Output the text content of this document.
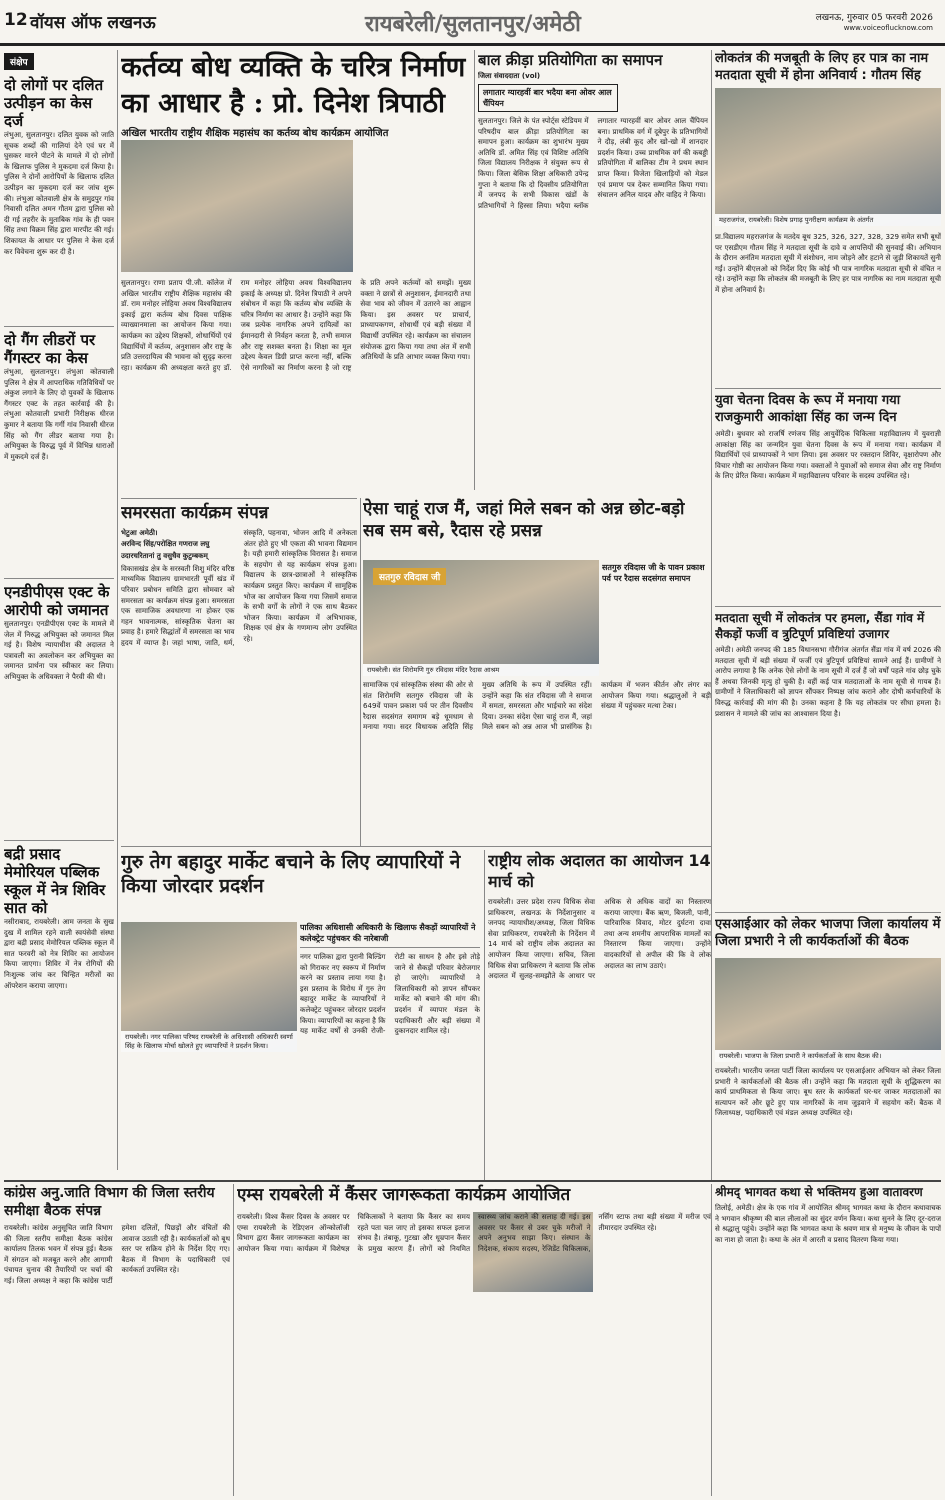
12 वॉयस ऑफ लखनऊ	रायबरेली/सुलतानपुर/अमेठी	लखनऊ, गुरुवार 05 फरवरी 2026
www.voiceoflucknow.com
संक्षेप
दो लोगों पर दलित उत्पीड़न का केस दर्ज
लंभुआ, सुलतानपुर। दलित युवक को जाति सूचक शब्दों की गालियां देने एवं घर में घुसकर मारने पीटने के मामले में दो लोगों के खिलाफ पुलिस ने मुकदमा दर्ज किया है। पुलिस ने दोनों आरोपियों के खिलाफ दलित उत्पीड़न का मुकदमा दर्ज कर जांच शुरू की। लंभुआ कोतवाली क्षेत्र के समुद्रपुर गांव निवासी दलित अमन गौतम द्वारा पुलिस को दी गई तहरीर के मुताबिक गांव के ही पवन सिंह तथा विक्रम सिंह द्वारा मारपीट की गई। शिकायत के आधार पर पुलिस ने केस दर्ज कर विवेचना शुरू कर दी है।
दो गैंग लीडरों पर गैंगस्टर का केस
लंभुआ, सुलतानपुर। लंभुआ कोतवाली पुलिस ने क्षेत्र में आपराधिक गतिविधियों पर अंकुश लगाने के लिए दो युवकों के खिलाफ गैंगस्टर एक्ट के तहत कार्रवाई की है। लंभुआ कोतवाली प्रभारी निरीक्षक धीरज कुमार ने बताया कि गर्गी गांव निवासी धीरज सिंह को गैंग लीडर बताया गया है। अभियुक्त के विरुद्ध पूर्व में विभिन्न धाराओं में मुकदमे दर्ज हैं।
एनडीपीएस एक्ट के आरोपी को जमानत
सुलतानपुर। एनडीपीएस एक्ट के मामले में जेल में निरुद्ध अभियुक्त को जमानत मिल गई है। विशेष न्यायाधीश की अदालत ने पत्रावली का अवलोकन कर अभियुक्त का जमानत प्रार्थना पत्र स्वीकार कर लिया। अभियुक्त के अधिवक्ता ने पैरवी की थी।
बद्री प्रसाद मेमोरियल पब्लिक स्कूल में नेत्र शिविर सात को
नसीराबाद, रायबरेली। आम जनता के सुख दुख में शामिल रहने वाली स्वयंसेवी संस्था द्वारा बद्री प्रसाद मेमोरियल पब्लिक स्कूल में सात फरवरी को नेत्र शिविर का आयोजन किया जाएगा। शिविर में नेत्र रोगियों की निःशुल्क जांच कर चिन्हित मरीजों का ऑपरेशन कराया जाएगा।
कर्तव्य बोध व्यक्ति के चरित्र निर्माण
का आधार है : प्रो. दिनेश त्रिपाठी
अखिल भारतीय राष्ट्रीय शैक्षिक महासंघ का कर्तव्य बोध कार्यक्रम आयोजित
सुलतानपुर। राणा प्रताप पी.जी. कॉलेज में अखिल भारतीय राष्ट्रीय शैक्षिक महासंघ की डॉ. राम मनोहर लोहिया अवध विश्वविद्यालय इकाई द्वारा कर्तव्य बोध दिवस पाक्षिक व्याख्यानमाला का आयोजन किया गया। कार्यक्रम का उद्देश्य शिक्षकों, शोधार्थियों एवं विद्यार्थियों में कर्तव्य, अनुशासन और राष्ट्र के प्रति उत्तरदायित्व की भावना को सुदृढ़ करना रहा। कार्यक्रम की अध्यक्षता करते हुए डॉ. राम मनोहर लोहिया अवध विश्वविद्यालय इकाई के अध्यक्ष प्रो. दिनेश त्रिपाठी ने अपने संबोधन में कहा कि कर्तव्य बोध व्यक्ति के चरित्र निर्माण का आधार है। उन्होंने कहा कि जब प्रत्येक नागरिक अपने दायित्वों का ईमानदारी से निर्वहन करता है, तभी समाज और राष्ट्र सशक्त बनता है। शिक्षा का मूल उद्देश्य केवल डिग्री प्राप्त करना नहीं, बल्कि ऐसे नागरिकों का निर्माण करना है जो राष्ट्र के प्रति अपने कर्तव्यों को समझें। मुख्य वक्ता ने छात्रों से अनुशासन, ईमानदारी तथा सेवा भाव को जीवन में उतारने का आह्वान किया। इस अवसर पर प्राचार्य, प्राध्यापकगण, शोधार्थी एवं बड़ी संख्या में विद्यार्थी उपस्थित रहे। कार्यक्रम का संचालन संयोजक द्वारा किया गया तथा अंत में सभी अतिथियों के प्रति आभार व्यक्त किया गया।
बाल क्रीड़ा प्रतियोगिता का समापन
जिला संवाददाता (vol)
लगातार ग्यारहवीं बार भदैया बना ओवर आल चैंपियन
सुलतानपुर। जिले के पंत स्पोर्ट्स स्टेडियम में परिषदीय बाल क्रीड़ा प्रतियोगिता का समापन हुआ। कार्यक्रम का शुभारंभ मुख्य अतिथि डॉ. अमित सिंह एवं विशिष्ट अतिथि जिला विद्यालय निरीक्षक ने संयुक्त रूप से किया। जिला बेसिक शिक्षा अधिकारी उपेन्द्र गुप्ता ने बताया कि दो दिवसीय प्रतियोगिता में जनपद के सभी विकास खंडों के प्रतिभागियों ने हिस्सा लिया। भदैया ब्लॉक लगातार ग्यारहवीं बार ओवर आल चैंपियन बना। प्राथमिक वर्ग में दूबेपुर के प्रतिभागियों ने दौड़, लंबी कूद और खो-खो में शानदार प्रदर्शन किया। उच्च प्राथमिक वर्ग की कबड्डी प्रतियोगिता में बालिका टीम ने प्रथम स्थान प्राप्त किया। विजेता खिलाड़ियों को मेडल एवं प्रमाण पत्र देकर सम्मानित किया गया। संचालन अनिल यादव और वाहिद ने किया।
लोकतंत्र की मजबूती के लिए हर पात्र का नाम मतदाता सूची में होना अनिवार्य : गौतम सिंह
महराजगंज, रायबरेली। विशेष प्रगाढ़ पुनरीक्षण कार्यक्रम के अंतर्गत
प्रा.विद्यालय महराजगंज के मतदेय बूथ 325, 326, 327, 328, 329 समेत सभी बूथों पर एसडीएम गौतम सिंह ने मतदाता सूची के दावे व आपत्तियों की सुनवाई की। अभियान के दौरान अनंतिम मतदाता सूची में संशोधन, नाम जोड़ने और हटाने से जुड़ी शिकायतें सुनी गईं। उन्होंने बीएलओ को निर्देश दिए कि कोई भी पात्र नागरिक मतदाता सूची से वंचित न रहे। उन्होंने कहा कि लोकतंत्र की मजबूती के लिए हर पात्र नागरिक का नाम मतदाता सूची में होना अनिवार्य है।
युवा चेतना दिवस के रूप में मनाया गया राजकुमारी आकांक्षा सिंह का जन्म दिन
अमेठी। बुधवार को राजर्षि रणंजय सिंह आयुर्वेदिक चिकित्सा महाविद्यालय में युवराज्ञी आकांक्षा सिंह का जन्मदिन युवा चेतना दिवस के रूप में मनाया गया। कार्यक्रम में विद्यार्थियों एवं प्राध्यापकों ने भाग लिया। इस अवसर पर रक्तदान शिविर, वृक्षारोपण और विचार गोष्ठी का आयोजन किया गया। वक्ताओं ने युवाओं को समाज सेवा और राष्ट्र निर्माण के लिए प्रेरित किया। कार्यक्रम में महाविद्यालय परिवार के सदस्य उपस्थित रहे।
मतदाता सूची में लोकतंत्र पर हमला, सैंडा गांव में सैकड़ों फर्जी व त्रुटिपूर्ण प्रविष्टियां उजागर
अमेठी। अमेठी जनपद की 185 विधानसभा गौरीगंज अंतर्गत सैंडा गांव में वर्ष 2026 की मतदाता सूची में बड़ी संख्या में फर्जी एवं त्रुटिपूर्ण प्रविष्टियां सामने आई हैं। ग्रामीणों ने आरोप लगाया है कि अनेक ऐसे लोगों के नाम सूची में दर्ज हैं जो वर्षों पहले गांव छोड़ चुके हैं अथवा जिनकी मृत्यु हो चुकी है। वहीं कई पात्र मतदाताओं के नाम सूची से गायब हैं। ग्रामीणों ने जिलाधिकारी को ज्ञापन सौंपकर निष्पक्ष जांच कराने और दोषी कर्मचारियों के विरुद्ध कार्रवाई की मांग की है। उनका कहना है कि यह लोकतंत्र पर सीधा हमला है। प्रशासन ने मामले की जांच का आश्वासन दिया है।
समरसता कार्यक्रम संपन्न
भेटुआ अमेठी।
अरविन्द सिंह/परोक्षित गणराज लघु
उदारचरितानां तु वसुधैव कुटुम्बकम्
विकासखंड क्षेत्र के सरस्वती शिशु मंदिर वरिष्ठ माध्यमिक विद्यालय ग्रामभारती पूर्वी खंड में परिवार प्रबोधन समिति द्वारा सोमवार को समरसता का कार्यक्रम संपन्न हुआ। समरसता एक सामाजिक अवधारणा ना होकर एक गहन भावनात्मक, सांस्कृतिक चेतना का प्रवाह है। हमारे सिद्धांतों में समरसता का भाव हृदय में व्याप्त है। जहां भाषा, जाति, धर्म, संस्कृति, पहनावा, भोजन आदि में अनेकता अंतर होते हुए भी एकता की भावना विद्यमान है। यही हमारी सांस्कृतिक विरासत है। समाज के सहयोग से यह कार्यक्रम संपन्न हुआ। विद्यालय के छात्र-छात्राओं ने सांस्कृतिक कार्यक्रम प्रस्तुत किए। कार्यक्रम में सामूहिक भोज का आयोजन किया गया जिसमें समाज के सभी वर्गों के लोगों ने एक साथ बैठकर भोजन किया। कार्यक्रम में अभिभावक, शिक्षक एवं क्षेत्र के गणमान्य लोग उपस्थित रहे।
ऐसा चाहूं राज मैं, जहां मिले सबन को अन्न छोट-बड़ो सब सम बसे, रैदास रहे प्रसन्न
सतगुरु रविदास जी
रायबरेली। संत शिरोमणि गुरु रविदास मंदिर रैदास आश्रम
सतगुरु रविदास जी के पावन प्रकाश पर्व पर रैदास सदसंगत समापन
सामाजिक एवं सांस्कृतिक संस्था की ओर से संत शिरोमणि सतगुरु रविदास जी के 649वें पावन प्रकाश पर्व पर तीन दिवसीय रैदास सदसंगत समागम बड़े धूमधाम से मनाया गया। सदर विधायक अदिति सिंह मुख्य अतिथि के रूप में उपस्थित रहीं। उन्होंने कहा कि संत रविदास जी ने समाज में समता, समरसता और भाईचारे का संदेश दिया। उनका संदेश ऐसा चाहूं राज मैं, जहां मिले सबन को अन्न आज भी प्रासंगिक है। कार्यक्रम में भजन कीर्तन और लंगर का आयोजन किया गया। श्रद्धालुओं ने बड़ी संख्या में पहुंचकर मत्था टेका।
गुरु तेग बहादुर मार्केट बचाने के लिए व्यापारियों ने किया जोरदार प्रदर्शन
रायबरेली। नगर पालिका परिषद रायबरेली के अधिशासी अधिकारी स्वर्णा सिंह के खिलाफ मोर्चा खोलते हुए व्यापारियों ने प्रदर्शन किया।
पालिका अधिशासी अधिकारी के खिलाफ सैकड़ों व्यापारियों ने कलेक्ट्रेट पहुंचकर की नारेबाजी
नगर पालिका द्वारा पुरानी बिल्डिंग को गिराकर नए स्वरूप में निर्माण करने का प्रस्ताव लाया गया है। इस प्रस्ताव के विरोध में गुरु तेग बहादुर मार्केट के व्यापारियों ने कलेक्ट्रेट पहुंचकर जोरदार प्रदर्शन किया। व्यापारियों का कहना है कि यह मार्केट वर्षों से उनकी रोजी-रोटी का साधन है और इसे तोड़े जाने से सैकड़ों परिवार बेरोजगार हो जाएंगे। व्यापारियों ने जिलाधिकारी को ज्ञापन सौंपकर मार्केट को बचाने की मांग की। प्रदर्शन में व्यापार मंडल के पदाधिकारी और बड़ी संख्या में दुकानदार शामिल रहे।
राष्ट्रीय लोक अदालत का आयोजन 14 मार्च को
रायबरेली। उत्तर प्रदेश राज्य विधिक सेवा प्राधिकरण, लखनऊ के निर्देशानुसार व जनपद न्यायाधीश/अध्यक्ष, जिला विधिक सेवा प्राधिकरण, रायबरेली के निर्देशन में 14 मार्च को राष्ट्रीय लोक अदालत का आयोजन किया जाएगा। सचिव, जिला विधिक सेवा प्राधिकरण ने बताया कि लोक अदालत में सुलह-समझौते के आधार पर अधिक से अधिक वादों का निस्तारण कराया जाएगा। बैंक ऋण, बिजली, पानी, पारिवारिक विवाद, मोटर दुर्घटना दावा तथा अन्य शमनीय आपराधिक मामलों का निस्तारण किया जाएगा। उन्होंने वादकारियों से अपील की कि वे लोक अदालत का लाभ उठाएं।
एसआईआर को लेकर भाजपा जिला कार्यालय में जिला प्रभारी ने ली कार्यकर्ताओं की बैठक
रायबरेली। भाजपा के जिला प्रभारी ने कार्यकर्ताओं के साथ बैठक की।
रायबरेली। भारतीय जनता पार्टी जिला कार्यालय पर एसआईआर अभियान को लेकर जिला प्रभारी ने कार्यकर्ताओं की बैठक ली। उन्होंने कहा कि मतदाता सूची के शुद्धिकरण का कार्य प्राथमिकता से किया जाए। बूथ स्तर के कार्यकर्ता घर-घर जाकर मतदाताओं का सत्यापन करें और छूटे हुए पात्र नागरिकों के नाम जुड़वाने में सहयोग करें। बैठक में जिलाध्यक्ष, पदाधिकारी एवं मंडल अध्यक्ष उपस्थित रहे।
कांग्रेस अनु.जाति विभाग की जिला स्तरीय समीक्षा बैठक संपन्न
रायबरेली। कांग्रेस अनुसूचित जाति विभाग की जिला स्तरीय समीक्षा बैठक कांग्रेस कार्यालय तिलक भवन में संपन्न हुई। बैठक में संगठन को मजबूत करने और आगामी पंचायत चुनाव की तैयारियों पर चर्चा की गई। जिला अध्यक्ष ने कहा कि कांग्रेस पार्टी हमेशा दलितों, पिछड़ों और वंचितों की आवाज उठाती रही है। कार्यकर्ताओं को बूथ स्तर पर सक्रिय होने के निर्देश दिए गए। बैठक में विभाग के पदाधिकारी एवं कार्यकर्ता उपस्थित रहे।
एम्स रायबरेली में कैंसर जागरूकता कार्यक्रम आयोजित
रायबरेली। विश्व कैंसर दिवस के अवसर पर एम्स रायबरेली के रेडिएशन ऑन्कोलॉजी विभाग द्वारा कैंसर जागरूकता कार्यक्रम का आयोजन किया गया। कार्यक्रम में विशेषज्ञ चिकित्सकों ने बताया कि कैंसर का समय रहते पता चल जाए तो इसका सफल इलाज संभव है। तंबाकू, गुटखा और धूम्रपान कैंसर के प्रमुख कारण हैं। लोगों को नियमित स्वास्थ्य जांच कराने की सलाह दी गई। इस अवसर पर कैंसर से उबर चुके मरीजों ने अपने अनुभव साझा किए। संस्थान के निदेशक, संकाय सदस्य, रेजिडेंट चिकित्सक, नर्सिंग स्टाफ तथा बड़ी संख्या में मरीज एवं तीमारदार उपस्थित रहे।
श्रीमद् भागवत कथा से भक्तिमय हुआ वातावरण
तिलोई, अमेठी। क्षेत्र के एक गांव में आयोजित श्रीमद् भागवत कथा के दौरान कथावाचक ने भगवान श्रीकृष्ण की बाल लीलाओं का सुंदर वर्णन किया। कथा सुनने के लिए दूर-दराज से श्रद्धालु पहुंचे। उन्होंने कहा कि भागवत कथा के श्रवण मात्र से मनुष्य के जीवन के पापों का नाश हो जाता है। कथा के अंत में आरती व प्रसाद वितरण किया गया।
